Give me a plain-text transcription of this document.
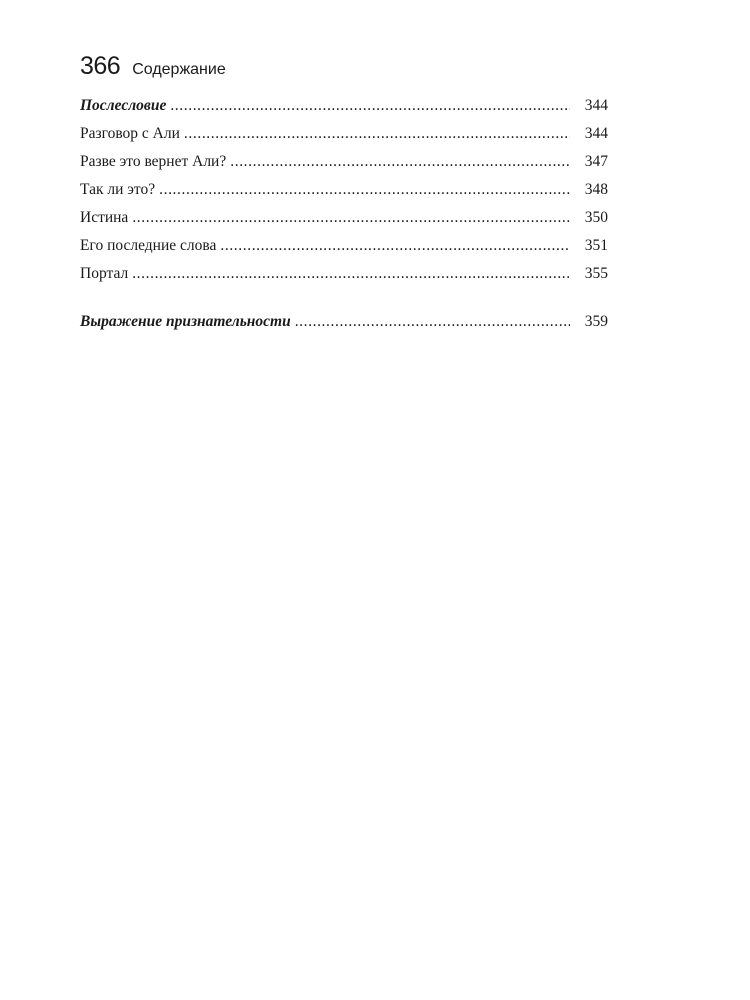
366 Содержание
Послесловие .....	344
Разговор с Али .....	344
Разве это вернет Али? .....	347
Так ли это? .....	348
Истина .....	350
Его последние слова .....	351
Портал .....	355
Выражение признательности .....	359
